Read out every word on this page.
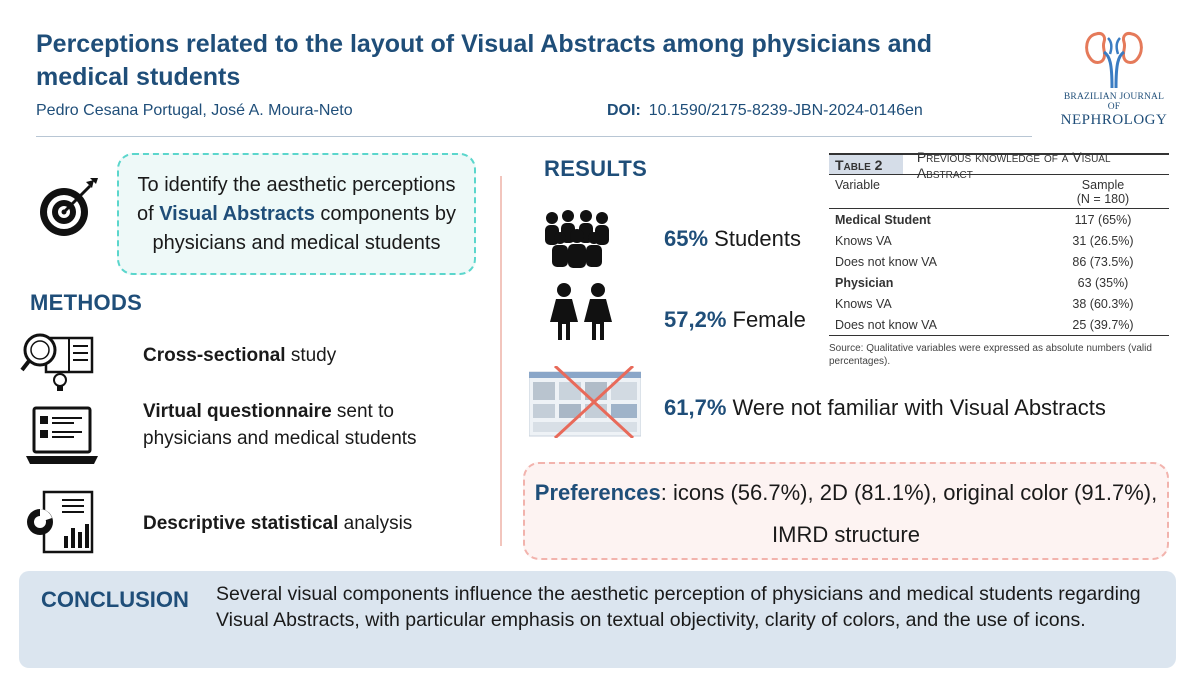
Perceptions related to the layout of Visual Abstracts among physicians and medical students
Pedro Cesana Portugal, José A. Moura-Neto	DOI: 10.1590/2175-8239-JBN-2024-0146en
BRAZILIAN JOURNAL OF
NEPHROLOGY
To identify the aesthetic perceptions of Visual Abstracts components by physicians and medical students
METHODS
Cross-sectional study
Virtual questionnaire sent to physicians and medical students
Descriptive statistical analysis
RESULTS
65% Students
57,2% Female
61,7% Were not familiar with Visual Abstracts
Table 2	Previous knowledge of a Visual Abstract
Variable	Sample
(N = 180)
Medical Student	117 (65%)
Knows VA	31 (26.5%)
Does not know VA	86 (73.5%)
Physician	63 (35%)
Knows VA	38 (60.3%)
Does not know VA	25 (39.7%)
Source: Qualitative variables were expressed as absolute numbers (valid percentages).
Preferences: icons (56.7%), 2D (81.1%), original color (91.7%), IMRD structure
CONCLUSION Several visual components influence the aesthetic perception of physicians and medical students regarding Visual Abstracts, with particular emphasis on textual objectivity, clarity of colors, and the use of icons.
